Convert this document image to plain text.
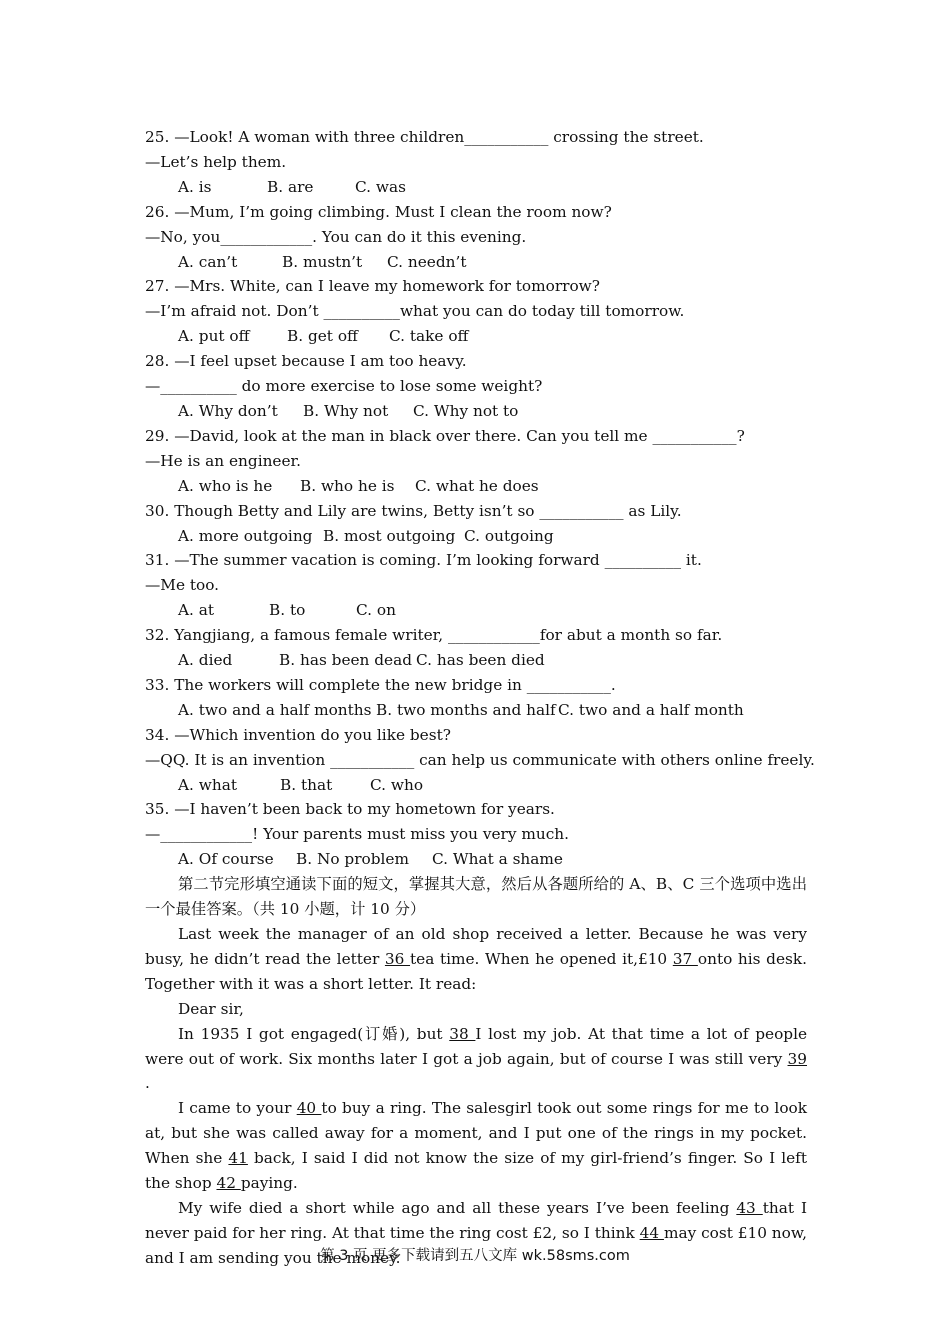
25. —Look! A woman with three children___________ crossing the street.
—Let’s help them.
A. is	B. are	C. was
26. —Mum, I’m going climbing. Must I clean the room now?
—No, you____________. You can do it this evening.
A. can’t	B. mustn’t C. needn’t
27. —Mrs. White, can I leave my homework for tomorrow?
—I’m afraid not. Don’t __________what you can do today till tomorrow.
A. put off B. get off C. take off
28. —I feel upset because I am too heavy.
—__________ do more exercise to lose some weight?
A. Why don’t B. Why not C. Why not to
29. —David, look at the man in black over there. Can you tell me ___________?
—He is an engineer.
A. who is he B. who he is C. what he does
30. Though Betty and Lily are twins, Betty isn’t so ___________ as Lily.
A. more outgoing B. most outgoing C. outgoing
31. —The summer vacation is coming. I’m looking forward __________ it.
—Me too.
A. at	B. to	C. on
32. Yangjiang, a famous female writer, ____________for abut a month so far.
A. died	B. has been dead C. has been died
33. The workers will complete the new bridge in ___________.
A. two and a half months B. two months and half C. two and a half month
34. —Which invention do you like best?
—QQ. It is an invention ___________ can help us communicate with others online freely.
A. what	B. that C. who
35. —I haven’t been back to my hometown for years.
—____________! Your parents must miss you very much.
A. Of course B. No problem C. What a shame
第二节完形填空通读下面的短文，掌握其大意，然后从各题所给的 A、B、C 三个选项中选出一个最佳答案。（共 10 小题，计 10 分）
Last week the manager of an old shop received a letter. Because he was very busy, he didn’t read the letter 36 tea time. When he opened it,£10 37 onto his desk. Together with it was a short letter. It read:
Dear sir,
In 1935 I got engaged(订婚), but 38 I lost my job. At that time a lot of people were out of work. Six months later I got a job again, but of course I was still very 39 .
I came to your 40 to buy a ring. The salesgirl took out some rings for me to look at, but she was called away for a moment, and I put one of the rings in my pocket. When she 41 back, I said I did not know the size of my girl-friend’s finger. So I left the shop 42 paying.
My wife died a short while ago and all these years I’ve been feeling 43 that I never paid for her ring. At that time the ring cost £2, so I think 44 may cost £10 now, and I am sending you the money.
第 3 页 更多下载请到五八文库 wk.58sms.com
